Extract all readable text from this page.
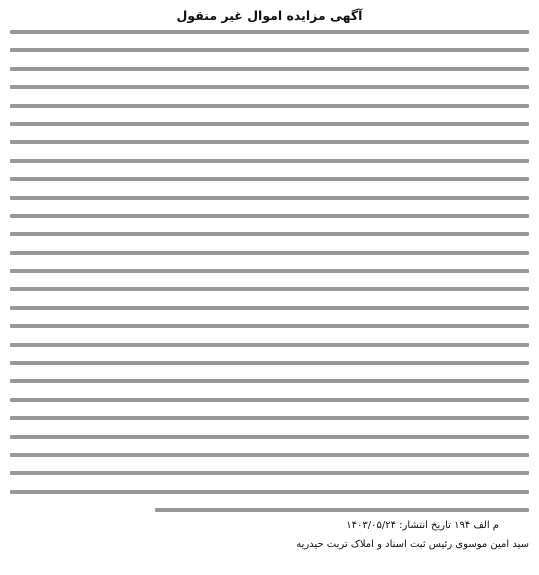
آگهی مزایده اموال غیر منقول
م الف ۱۹۴ تاریخ انتشار: ۱۴۰۳/۰۵/۲۴
سید امین موسوی رئیس ثبت اسناد و املاک تربت حیدریه
